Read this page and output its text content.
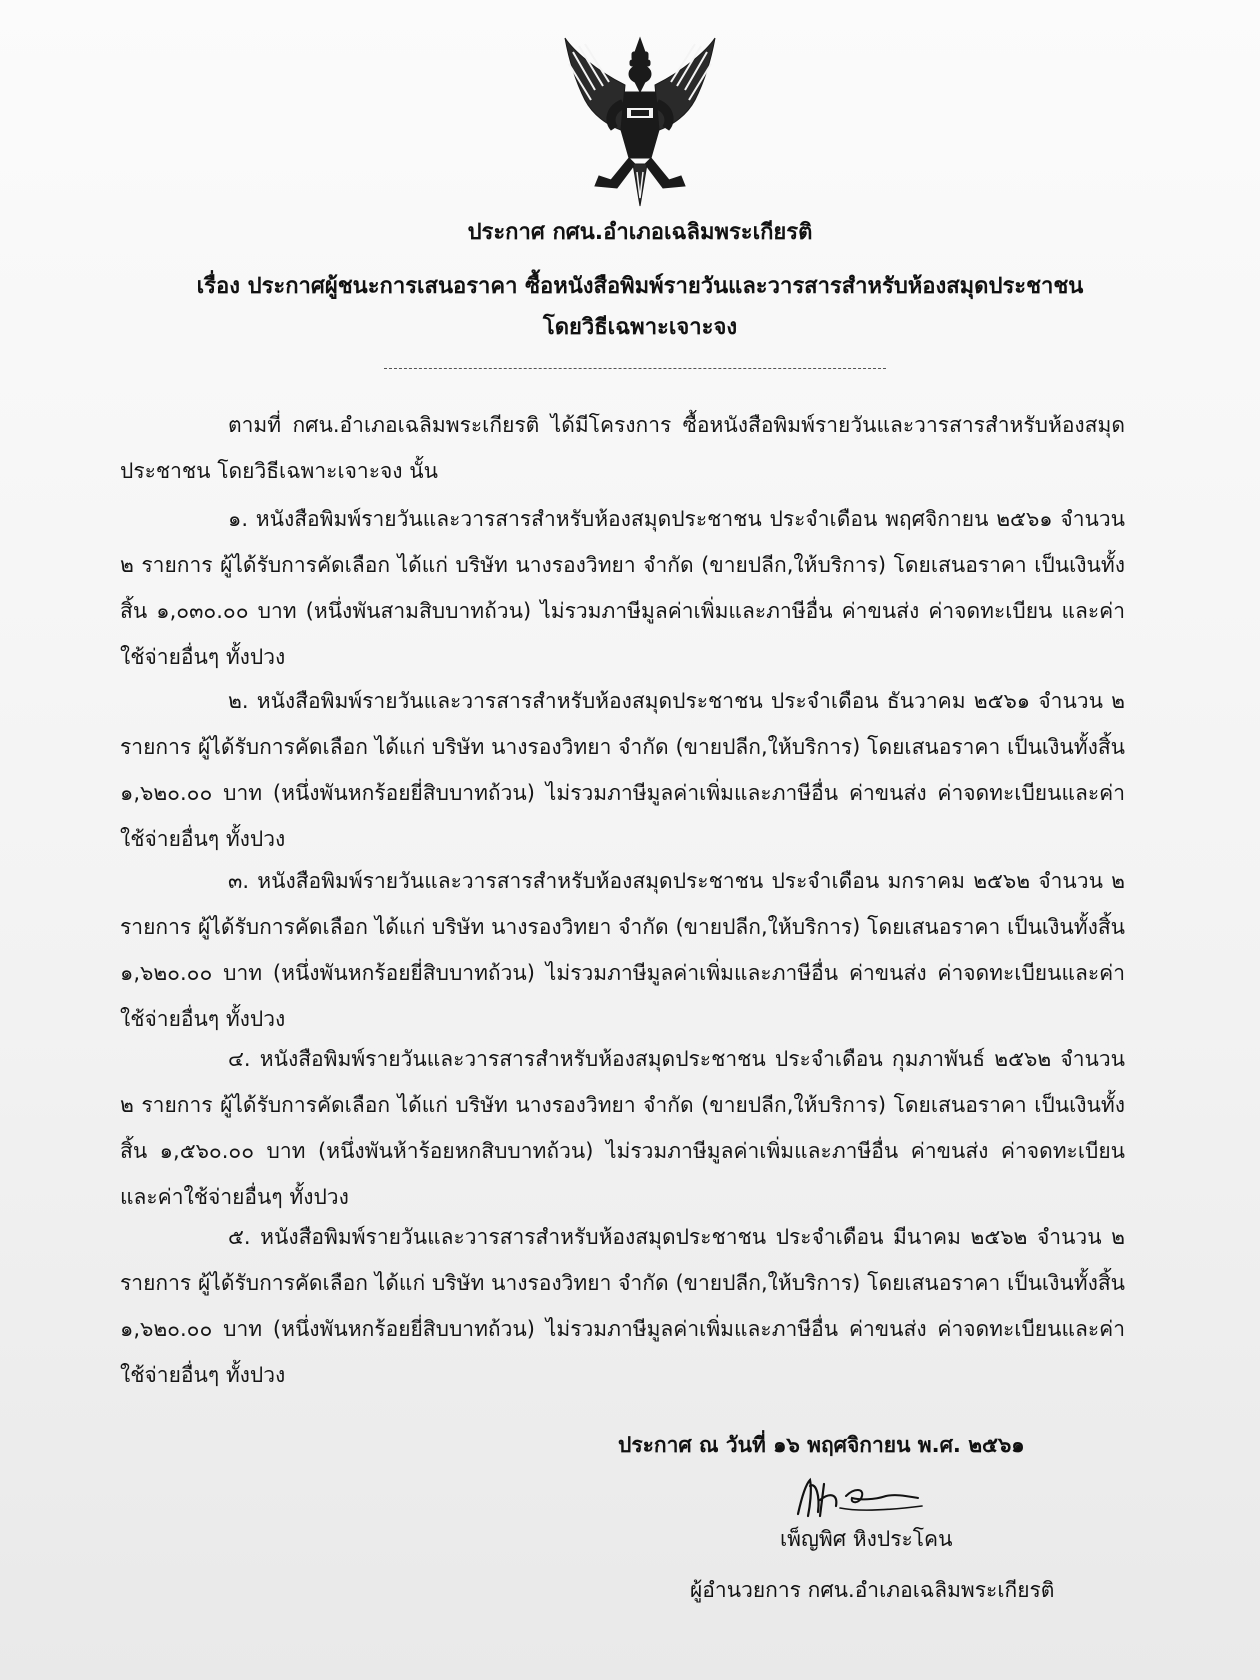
ประกาศ กศน.อำเภอเฉลิมพระเกียรติ
เรื่อง ประกาศผู้ชนะการเสนอราคา ซื้อหนังสือพิมพ์รายวันและวารสารสำหรับห้องสมุดประชาชน
โดยวิธีเฉพาะเจาะจง
ตามที่ กศน.อำเภอเฉลิมพระเกียรติ ได้มีโครงการ ซื้อหนังสือพิมพ์รายวันและวารสารสำหรับห้องสมุดประชาชน โดยวิธีเฉพาะเจาะจง นั้น
๑. หนังสือพิมพ์รายวันและวารสารสำหรับห้องสมุดประชาชน ประจำเดือน พฤศจิกายน ๒๕๖๑ จำนวน ๒ รายการ ผู้ได้รับการคัดเลือก ได้แก่ บริษัท นางรองวิทยา จำกัด (ขายปลีก,ให้บริการ) โดยเสนอราคา เป็นเงินทั้งสิ้น ๑,๐๓๐.๐๐ บาท (หนึ่งพันสามสิบบาทถ้วน) ไม่รวมภาษีมูลค่าเพิ่มและภาษีอื่น ค่าขนส่ง ค่าจดทะเบียน และค่าใช้จ่ายอื่นๆ ทั้งปวง
๒. หนังสือพิมพ์รายวันและวารสารสำหรับห้องสมุดประชาชน ประจำเดือน ธันวาคม ๒๕๖๑ จำนวน ๒ รายการ ผู้ได้รับการคัดเลือก ได้แก่ บริษัท นางรองวิทยา จำกัด (ขายปลีก,ให้บริการ) โดยเสนอราคา เป็นเงินทั้งสิ้น ๑,๖๒๐.๐๐ บาท (หนึ่งพันหกร้อยยี่สิบบาทถ้วน) ไม่รวมภาษีมูลค่าเพิ่มและภาษีอื่น ค่าขนส่ง ค่าจดทะเบียนและค่าใช้จ่ายอื่นๆ ทั้งปวง
๓. หนังสือพิมพ์รายวันและวารสารสำหรับห้องสมุดประชาชน ประจำเดือน มกราคม ๒๕๖๒ จำนวน ๒ รายการ ผู้ได้รับการคัดเลือก ได้แก่ บริษัท นางรองวิทยา จำกัด (ขายปลีก,ให้บริการ) โดยเสนอราคา เป็นเงินทั้งสิ้น ๑,๖๒๐.๐๐ บาท (หนึ่งพันหกร้อยยี่สิบบาทถ้วน) ไม่รวมภาษีมูลค่าเพิ่มและภาษีอื่น ค่าขนส่ง ค่าจดทะเบียนและค่าใช้จ่ายอื่นๆ ทั้งปวง
๔. หนังสือพิมพ์รายวันและวารสารสำหรับห้องสมุดประชาชน ประจำเดือน กุมภาพันธ์ ๒๕๖๒ จำนวน ๒ รายการ ผู้ได้รับการคัดเลือก ได้แก่ บริษัท นางรองวิทยา จำกัด (ขายปลีก,ให้บริการ) โดยเสนอราคา เป็นเงินทั้งสิ้น ๑,๕๖๐.๐๐ บาท (หนึ่งพันห้าร้อยหกสิบบาทถ้วน) ไม่รวมภาษีมูลค่าเพิ่มและภาษีอื่น ค่าขนส่ง ค่าจดทะเบียนและค่าใช้จ่ายอื่นๆ ทั้งปวง
๕. หนังสือพิมพ์รายวันและวารสารสำหรับห้องสมุดประชาชน ประจำเดือน มีนาคม ๒๕๖๒ จำนวน ๒ รายการ ผู้ได้รับการคัดเลือก ได้แก่ บริษัท นางรองวิทยา จำกัด (ขายปลีก,ให้บริการ) โดยเสนอราคา เป็นเงินทั้งสิ้น ๑,๖๒๐.๐๐ บาท (หนึ่งพันหกร้อยยี่สิบบาทถ้วน) ไม่รวมภาษีมูลค่าเพิ่มและภาษีอื่น ค่าขนส่ง ค่าจดทะเบียนและค่าใช้จ่ายอื่นๆ ทั้งปวง
ประกาศ ณ วันที่ ๑๖ พฤศจิกายน พ.ศ. ๒๕๖๑
เพ็ญพิศ หิงประโคน
ผู้อำนวยการ กศน.อำเภอเฉลิมพระเกียรติ
